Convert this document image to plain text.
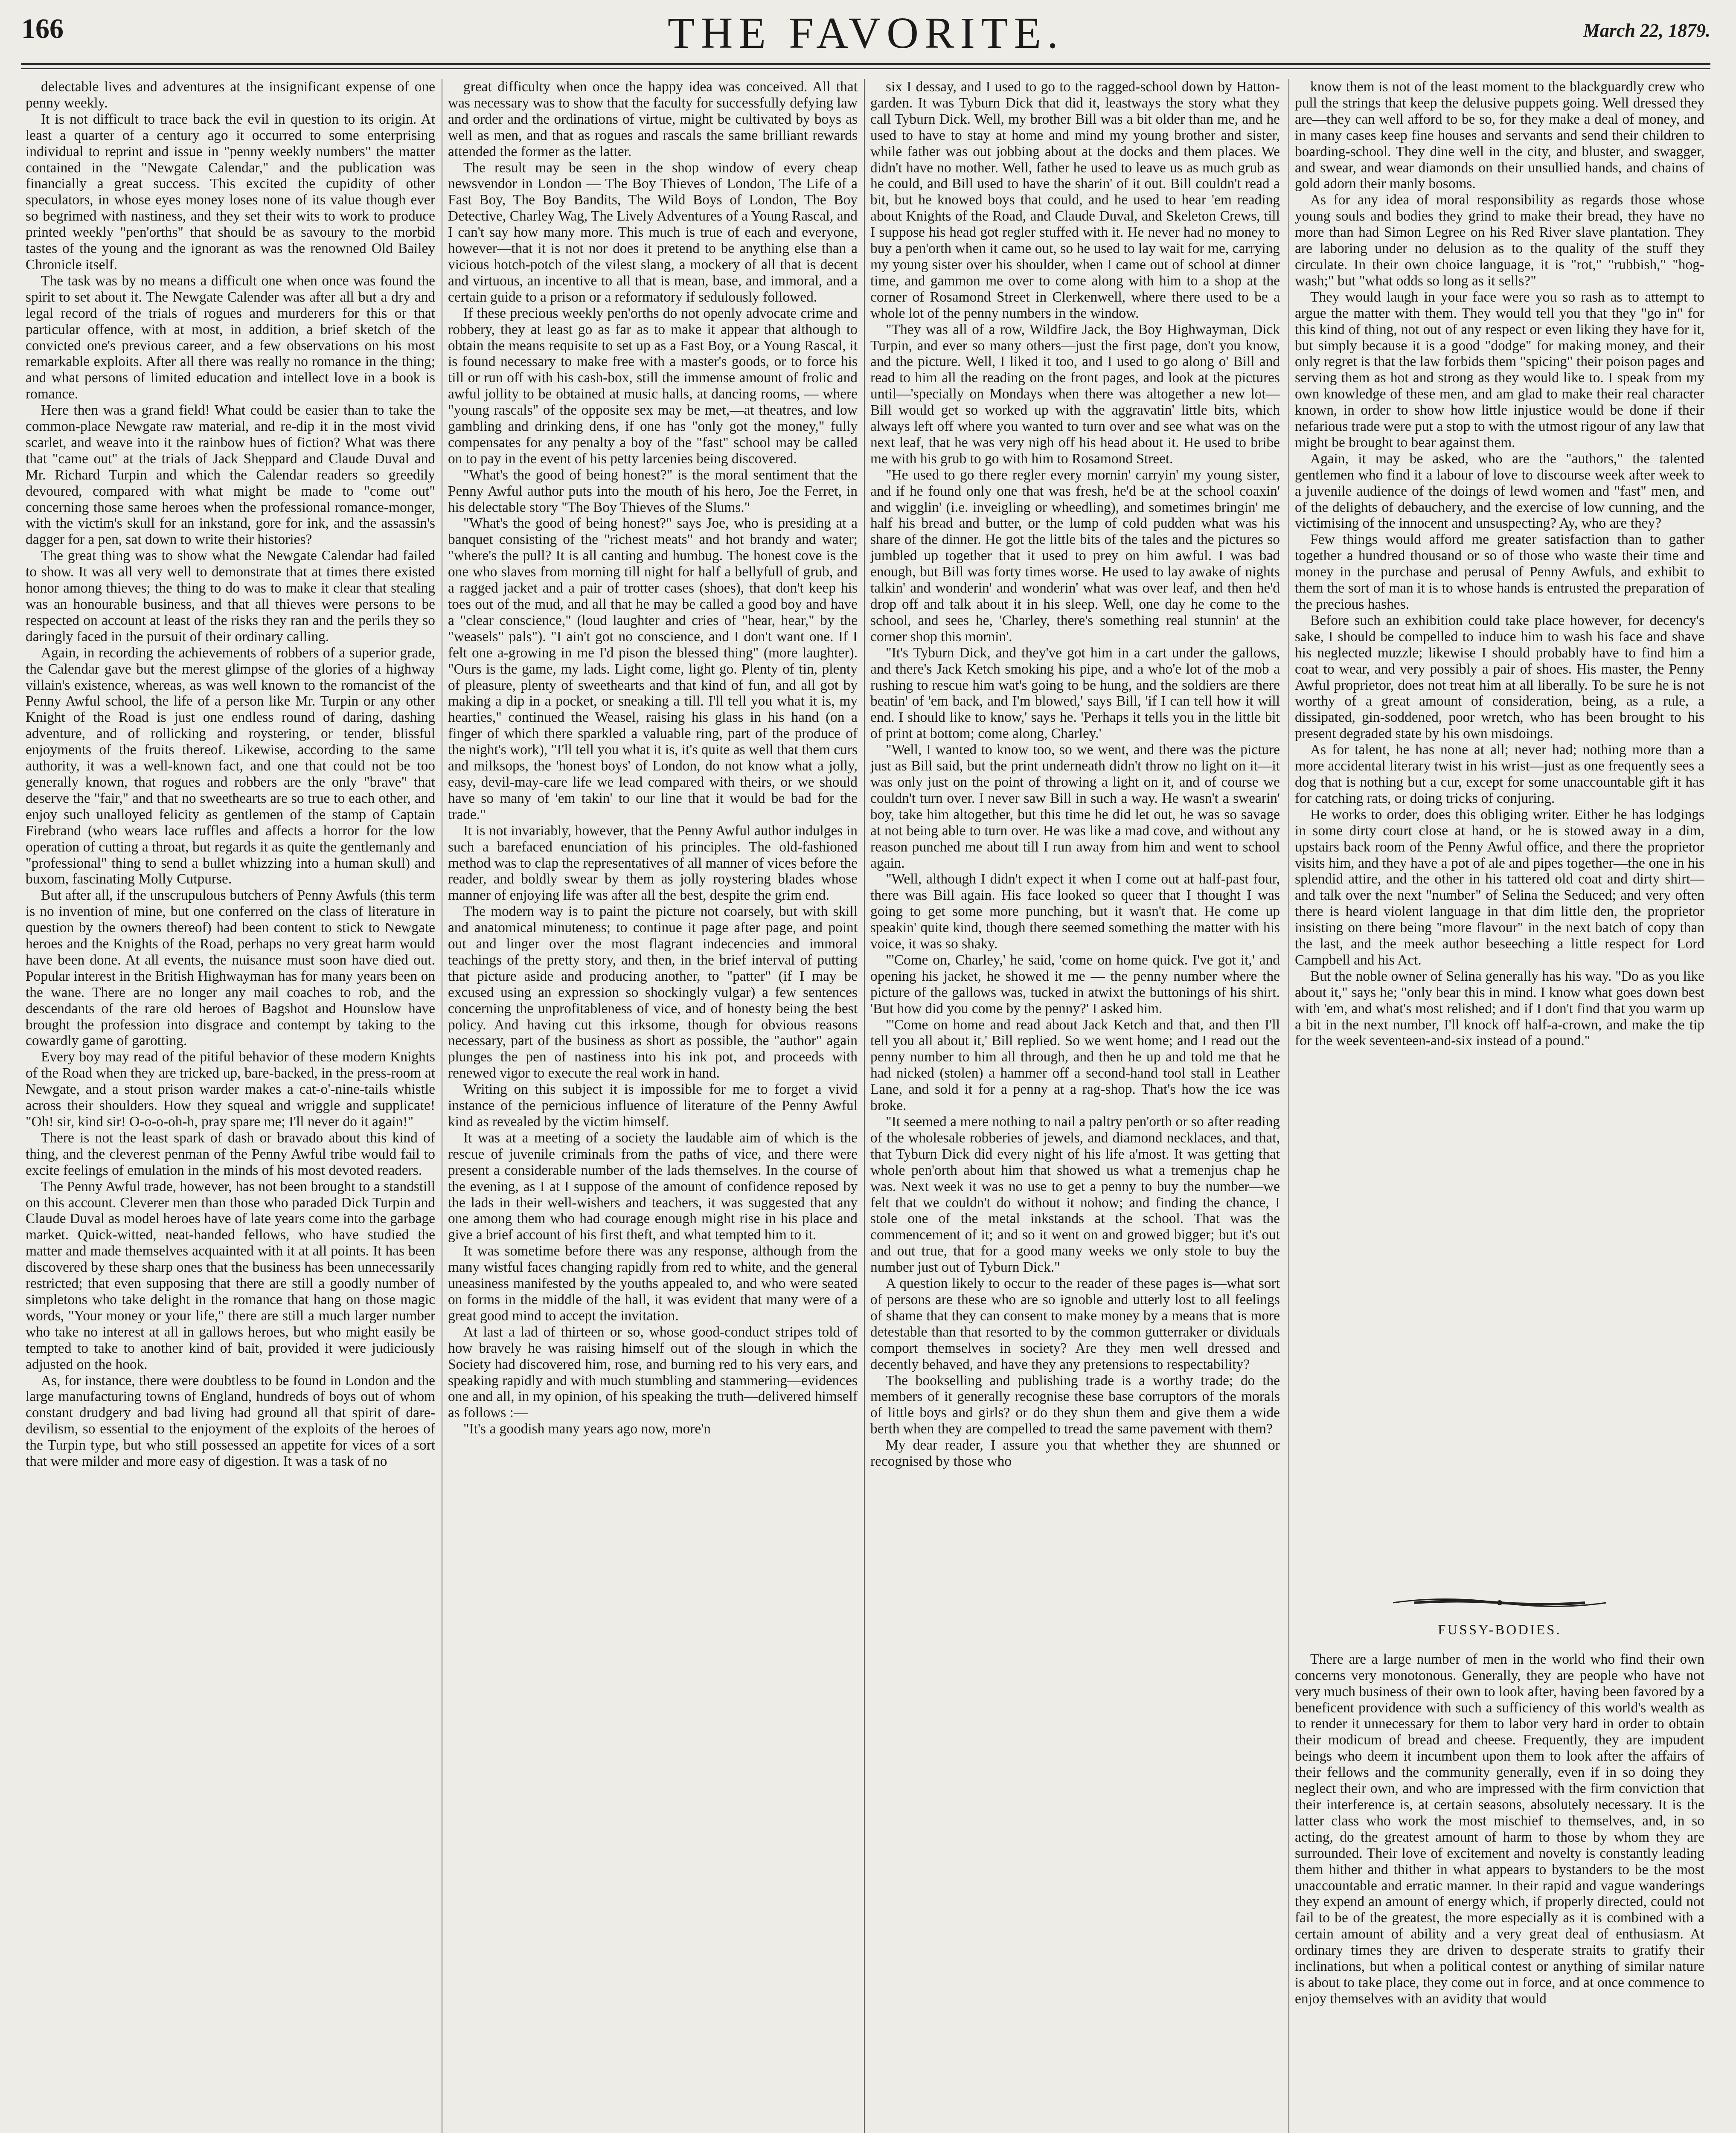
166	THE FAVORITE.	March 22, 1879.

delectable lives and adventures at the insignificant expense of one penny weekly.

It is not difficult to trace back the evil in question to its origin. At least a quarter of a century ago it occurred to some enterprising individual to reprint and issue in "penny weekly numbers" the matter contained in the "Newgate Calendar," and the publication was financially a great success. This excited the cupidity of other speculators, in whose eyes money loses none of its value though ever so begrimed with nastiness, and they set their wits to work to produce printed weekly "pen'orths" that should be as savoury to the morbid tastes of the young and the ignorant as was the renowned Old Bailey Chronicle itself.

The task was by no means a difficult one when once was found the spirit to set about it. The Newgate Calender was after all but a dry and legal record of the trials of rogues and murderers for this or that particular offence, with at most, in addition, a brief sketch of the convicted one's previous career, and a few observations on his most remarkable exploits. After all there was really no romance in the thing; and what persons of limited education and intellect love in a book is romance.

Here then was a grand field! What could be easier than to take the common-place Newgate raw material, and re-dip it in the most vivid scarlet, and weave into it the rainbow hues of fiction? What was there that "came out" at the trials of Jack Sheppard and Claude Duval and Mr. Richard Turpin and which the Calendar readers so greedily devoured, compared with what might be made to "come out" concerning those same heroes when the professional romance-monger, with the victim's skull for an inkstand, gore for ink, and the assassin's dagger for a pen, sat down to write their histories?

The great thing was to show what the Newgate Calendar had failed to show. It was all very well to demonstrate that at times there existed honor among thieves; the thing to do was to make it clear that stealing was an honourable business, and that all thieves were persons to be respected on account at least of the risks they ran and the perils they so daringly faced in the pursuit of their ordinary calling.

Again, in recording the achievements of robbers of a superior grade, the Calendar gave but the merest glimpse of the glories of a highway villain's existence, whereas, as was well known to the romancist of the Penny Awful school, the life of a person like Mr. Turpin or any other Knight of the Road is just one endless round of daring, dashing adventure, and of rollicking and roystering, or tender, blissful enjoyments of the fruits thereof. Likewise, according to the same authority, it was a well-known fact, and one that could not be too generally known, that rogues and robbers are the only "brave" that deserve the "fair," and that no sweethearts are so true to each other, and enjoy such unalloyed felicity as gentlemen of the stamp of Captain Firebrand (who wears lace ruffles and affects a horror for the low operation of cutting a throat, but regards it as quite the gentlemanly and "professional" thing to send a bullet whizzing into a human skull) and buxom, fascinating Molly Cutpurse.

But after all, if the unscrupulous butchers of Penny Awfuls (this term is no invention of mine, but one conferred on the class of literature in question by the owners thereof) had been content to stick to Newgate heroes and the Knights of the Road, perhaps no very great harm would have been done. At all events, the nuisance must soon have died out. Popular interest in the British Highwayman has for many years been on the wane. There are no longer any mail coaches to rob, and the descendants of the rare old heroes of Bagshot and Hounslow have brought the profession into disgrace and contempt by taking to the cowardly game of garotting.

Every boy may read of the pitiful behavior of these modern Knights of the Road when they are tricked up, bare-backed, in the press-room at Newgate, and a stout prison warder makes a cat-o'-nine-tails whistle across their shoulders. How they squeal and wriggle and supplicate! "Oh! sir, kind sir! O-o-o-oh-h, pray spare me; I'll never do it again!"

There is not the least spark of dash or bravado about this kind of thing, and the cleverest penman of the Penny Awful tribe would fail to excite feelings of emulation in the minds of his most devoted readers.

The Penny Awful trade, however, has not been brought to a standstill on this account. Cleverer men than those who paraded Dick Turpin and Claude Duval as model heroes have of late years come into the garbage market. Quick-witted, neat-handed fellows, who have studied the matter and made themselves acquainted with it at all points. It has been discovered by these sharp ones that the business has been unnecessarily restricted; that even supposing that there are still a goodly number of simpletons who take delight in the romance that hang on those magic words, "Your money or your life," there are still a much larger number who take no interest at all in gallows heroes, but who might easily be tempted to take to another kind of bait, provided it were judiciously adjusted on the hook.

As, for instance, there were doubtless to be found in London and the large manufacturing towns of England, hundreds of boys out of whom constant drudgery and bad living had ground all that spirit of dare-devilism, so essential to the enjoyment of the exploits of the heroes of the Turpin type, but who still possessed an appetite for vices of a sort that were milder and more easy of digestion. It was a task of no

great difficulty when once the happy idea was conceived. All that was necessary was to show that the faculty for successfully defying law and order and the ordinations of virtue, might be cultivated by boys as well as men, and that as rogues and rascals the same brilliant rewards attended the former as the latter.

The result may be seen in the shop window of every cheap newsvendor in London — The Boy Thieves of London, The Life of a Fast Boy, The Boy Bandits, The Wild Boys of London, The Boy Detective, Charley Wag, The Lively Adventures of a Young Rascal, and I can't say how many more. This much is true of each and everyone, however—that it is not nor does it pretend to be anything else than a vicious hotch-potch of the vilest slang, a mockery of all that is decent and virtuous, an incentive to all that is mean, base, and immoral, and a certain guide to a prison or a reformatory if sedulously followed.

If these precious weekly pen'orths do not openly advocate crime and robbery, they at least go as far as to make it appear that although to obtain the means requisite to set up as a Fast Boy, or a Young Rascal, it is found necessary to make free with a master's goods, or to force his till or run off with his cash-box, still the immense amount of frolic and awful jollity to be obtained at music halls, at dancing rooms, — where "young rascals" of the opposite sex may be met,—at theatres, and low gambling and drinking dens, if one has "only got the money," fully compensates for any penalty a boy of the "fast" school may be called on to pay in the event of his petty larcenies being discovered.

"What's the good of being honest?" is the moral sentiment that the Penny Awful author puts into the mouth of his hero, Joe the Ferret, in his delectable story "The Boy Thieves of the Slums."

"What's the good of being honest?" says Joe, who is presiding at a banquet consisting of the "richest meats" and hot brandy and water; "where's the pull? It is all canting and humbug. The honest cove is the one who slaves from morning till night for half a bellyfull of grub, and a ragged jacket and a pair of trotter cases (shoes), that don't keep his toes out of the mud, and all that he may be called a good boy and have a "clear conscience," (loud laughter and cries of "hear, hear," by the "weasels" pals"). "I ain't got no conscience, and I don't want one. If I felt one a-growing in me I'd pison the blessed thing" (more laughter). "Ours is the game, my lads. Light come, light go. Plenty of tin, plenty of pleasure, plenty of sweethearts and that kind of fun, and all got by making a dip in a pocket, or sneaking a till. I'll tell you what it is, my hearties," continued the Weasel, raising his glass in his hand (on a finger of which there sparkled a valuable ring, part of the produce of the night's work), "I'll tell you what it is, it's quite as well that them curs and milksops, the 'honest boys' of London, do not know what a jolly, easy, devil-may-care life we lead compared with theirs, or we should have so many of 'em takin' to our line that it would be bad for the trade."

It is not invariably, however, that the Penny Awful author indulges in such a barefaced enunciation of his principles. The old-fashioned method was to clap the representatives of all manner of vices before the reader, and boldly swear by them as jolly roystering blades whose manner of enjoying life was after all the best, despite the grim end.

The modern way is to paint the picture not coarsely, but with skill and anatomical minuteness; to continue it page after page, and point out and linger over the most flagrant indecencies and immoral teachings of the pretty story, and then, in the brief interval of putting that picture aside and producing another, to "patter" (if I may be excused using an expression so shockingly vulgar) a few sentences concerning the unprofitableness of vice, and of honesty being the best policy. And having cut this irksome, though for obvious reasons necessary, part of the business as short as possible, the "author" again plunges the pen of nastiness into his ink pot, and proceeds with renewed vigor to execute the real work in hand.

Writing on this subject it is impossible for me to forget a vivid instance of the pernicious influence of literature of the Penny Awful kind as revealed by the victim himself.

It was at a meeting of a society the laudable aim of which is the rescue of juvenile criminals from the paths of vice, and there were present a considerable number of the lads themselves. In the course of the evening, as I at I suppose of the amount of confidence reposed by the lads in their well-wishers and teachers, it was suggested that any one among them who had courage enough might rise in his place and give a brief account of his first theft, and what tempted him to it.

It was sometime before there was any response, although from the many wistful faces changing rapidly from red to white, and the general uneasiness manifested by the youths appealed to, and who were seated on forms in the middle of the hall, it was evident that many were of a great good mind to accept the invitation.

At last a lad of thirteen or so, whose good-conduct stripes told of how bravely he was raising himself out of the slough in which the Society had discovered him, rose, and burning red to his very ears, and speaking rapidly and with much stumbling and stammering—evidences one and all, in my opinion, of his speaking the truth—delivered himself as follows :—

"It's a goodish many years ago now, more'n

six I dessay, and I used to go to the ragged-school down by Hatton-garden. It was Tyburn Dick that did it, leastways the story what they call Tyburn Dick. Well, my brother Bill was a bit older than me, and he used to have to stay at home and mind my young brother and sister, while father was out jobbing about at the docks and them places. We didn't have no mother. Well, father he used to leave us as much grub as he could, and Bill used to have the sharin' of it out. Bill couldn't read a bit, but he knowed boys that could, and he used to hear 'em reading about Knights of the Road, and Claude Duval, and Skeleton Crews, till I suppose his head got regler stuffed with it. He never had no money to buy a pen'orth when it came out, so he used to lay wait for me, carrying my young sister over his shoulder, when I came out of school at dinner time, and gammon me over to come along with him to a shop at the corner of Rosamond Street in Clerkenwell, where there used to be a whole lot of the penny numbers in the window.

"They was all of a row, Wildfire Jack, the Boy Highwayman, Dick Turpin, and ever so many others—just the first page, don't you know, and the picture. Well, I liked it too, and I used to go along o' Bill and read to him all the reading on the front pages, and look at the pictures until—'specially on Mondays when there was altogether a new lot—Bill would get so worked up with the aggravatin' little bits, which always left off where you wanted to turn over and see what was on the next leaf, that he was very nigh off his head about it. He used to bribe me with his grub to go with him to Rosamond Street.

"He used to go there regler every mornin' carryin' my young sister, and if he found only one that was fresh, he'd be at the school coaxin' and wigglin' (i.e. inveigling or wheedling), and sometimes bringin' me half his bread and butter, or the lump of cold pudden what was his share of the dinner. He got the little bits of the tales and the pictures so jumbled up together that it used to prey on him awful. I was bad enough, but Bill was forty times worse. He used to lay awake of nights talkin' and wonderin' and wonderin' what was over leaf, and then he'd drop off and talk about it in his sleep. Well, one day he come to the school, and sees he, 'Charley, there's something real stunnin' at the corner shop this mornin'.

"It's Tyburn Dick, and they've got him in a cart under the gallows, and there's Jack Ketch smoking his pipe, and a who'e lot of the mob a rushing to rescue him wat's going to be hung, and the soldiers are there beatin' of 'em back, and I'm blowed,' says Bill, 'if I can tell how it will end. I should like to know,' says he. 'Perhaps it tells you in the little bit of print at bottom; come along, Charley.'

"Well, I wanted to know too, so we went, and there was the picture just as Bill said, but the print underneath didn't throw no light on it—it was only just on the point of throwing a light on it, and of course we couldn't turn over. I never saw Bill in such a way. He wasn't a swearin' boy, take him altogether, but this time he did let out, he was so savage at not being able to turn over. He was like a mad cove, and without any reason punched me about till I run away from him and went to school again.

"Well, although I didn't expect it when I come out at half-past four, there was Bill again. His face looked so queer that I thought I was going to get some more punching, but it wasn't that. He come up speakin' quite kind, though there seemed something the matter with his voice, it was so shaky.

"'Come on, Charley,' he said, 'come on home quick. I've got it,' and opening his jacket, he showed it me — the penny number where the picture of the gallows was, tucked in atwixt the buttonings of his shirt. 'But how did you come by the penny?' I asked him.

"'Come on home and read about Jack Ketch and that, and then I'll tell you all about it,' Bill replied. So we went home; and I read out the penny number to him all through, and then he up and told me that he had nicked (stolen) a hammer off a second-hand tool stall in Leather Lane, and sold it for a penny at a rag-shop. That's how the ice was broke.

"It seemed a mere nothing to nail a paltry pen'orth or so after reading of the wholesale robberies of jewels, and diamond necklaces, and that, that Tyburn Dick did every night of his life a'most. It was getting that whole pen'orth about him that showed us what a tremenjus chap he was. Next week it was no use to get a penny to buy the number—we felt that we couldn't do without it nohow; and finding the chance, I stole one of the metal inkstands at the school. That was the commencement of it; and so it went on and growed bigger; but it's out and out true, that for a good many weeks we only stole to buy the number just out of Tyburn Dick."

A question likely to occur to the reader of these pages is—what sort of persons are these who are so ignoble and utterly lost to all feelings of shame that they can consent to make money by a means that is more detestable than that resorted to by the common gutterraker or dividuals comport themselves in society? Are they men well dressed and decently behaved, and have they any pretensions to respectability?

The bookselling and publishing trade is a worthy trade; do the members of it generally recognise these base corruptors of the morals of little boys and girls? or do they shun them and give them a wide berth when they are compelled to tread the same pavement with them?

My dear reader, I assure you that whether they are shunned or recognised by those who

know them is not of the least moment to the blackguardly crew who pull the strings that keep the delusive puppets going. Well dressed they are—they can well afford to be so, for they make a deal of money, and in many cases keep fine houses and servants and send their children to boarding-school. They dine well in the city, and bluster, and swagger, and swear, and wear diamonds on their unsullied hands, and chains of gold adorn their manly bosoms.

As for any idea of moral responsibility as regards those whose young souls and bodies they grind to make their bread, they have no more than had Simon Legree on his Red River slave plantation. They are laboring under no delusion as to the quality of the stuff they circulate. In their own choice language, it is "rot," "rubbish," "hog-wash;" but "what odds so long as it sells?"

They would laugh in your face were you so rash as to attempt to argue the matter with them. They would tell you that they "go in" for this kind of thing, not out of any respect or even liking they have for it, but simply because it is a good "dodge" for making money, and their only regret is that the law forbids them "spicing" their poison pages and serving them as hot and strong as they would like to. I speak from my own knowledge of these men, and am glad to make their real character known, in order to show how little injustice would be done if their nefarious trade were put a stop to with the utmost rigour of any law that might be brought to bear against them.

Again, it may be asked, who are the "authors," the talented gentlemen who find it a labour of love to discourse week after week to a juvenile audience of the doings of lewd women and "fast" men, and of the delights of debauchery, and the exercise of low cunning, and the victimising of the innocent and unsuspecting? Ay, who are they?

Few things would afford me greater satisfaction than to gather together a hundred thousand or so of those who waste their time and money in the purchase and perusal of Penny Awfuls, and exhibit to them the sort of man it is to whose hands is entrusted the preparation of the precious hashes.

Before such an exhibition could take place however, for decency's sake, I should be compelled to induce him to wash his face and shave his neglected muzzle; likewise I should probably have to find him a coat to wear, and very possibly a pair of shoes. His master, the Penny Awful proprietor, does not treat him at all liberally. To be sure he is not worthy of a great amount of consideration, being, as a rule, a dissipated, gin-soddened, poor wretch, who has been brought to his present degraded state by his own misdoings.

As for talent, he has none at all; never had; nothing more than a more accidental literary twist in his wrist—just as one frequently sees a dog that is nothing but a cur, except for some unaccountable gift it has for catching rats, or doing tricks of conjuring.

He works to order, does this obliging writer. Either he has lodgings in some dirty court close at hand, or he is stowed away in a dim, upstairs back room of the Penny Awful office, and there the proprietor visits him, and they have a pot of ale and pipes together—the one in his splendid attire, and the other in his tattered old coat and dirty shirt—and talk over the next "number" of Selina the Seduced; and very often there is heard violent language in that dim little den, the proprietor insisting on there being "more flavour" in the next batch of copy than the last, and the meek author beseeching a little respect for Lord Campbell and his Act.

But the noble owner of Selina generally has his way. "Do as you like about it," says he; "only bear this in mind. I know what goes down best with 'em, and what's most relished; and if I don't find that you warm up a bit in the next number, I'll knock off half-a-crown, and make the tip for the week seventeen-and-six instead of a pound."

FUSSY-BODIES.

There are a large number of men in the world who find their own concerns very monotonous. Generally, they are people who have not very much business of their own to look after, having been favored by a beneficent providence with such a sufficiency of this world's wealth as to render it unnecessary for them to labor very hard in order to obtain their modicum of bread and cheese. Frequently, they are impudent beings who deem it incumbent upon them to look after the affairs of their fellows and the community generally, even if in so doing they neglect their own, and who are impressed with the firm conviction that their interference is, at certain seasons, absolutely necessary. It is the latter class who work the most mischief to themselves, and, in so acting, do the greatest amount of harm to those by whom they are surrounded. Their love of excitement and novelty is constantly leading them hither and thither in what appears to bystanders to be the most unaccountable and erratic manner. In their rapid and vague wanderings they expend an amount of energy which, if properly directed, could not fail to be of the greatest, the more especially as it is combined with a certain amount of ability and a very great deal of enthusiasm. At ordinary times they are driven to desperate straits to gratify their inclinations, but when a political contest or anything of similar nature is about to take place, they come out in force, and at once commence to enjoy themselves with an avidity that would
